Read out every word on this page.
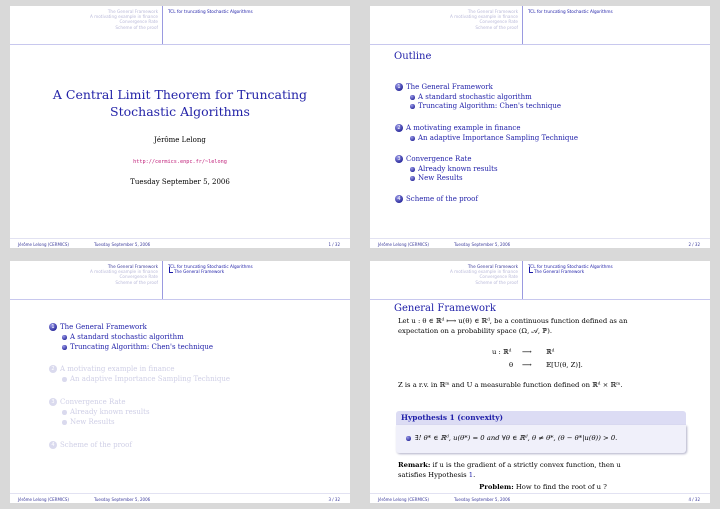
The General Framework
A motivating example in finance
Convergence Rate
Scheme of the proof
TCL for truncating Stochastic Algorithms
A Central Limit Theorem for Truncating
Stochastic Algorithms
Jérôme Lelong
http://cermics.enpc.fr/~lelong
Tuesday September 5, 2006
Jérôme Lelong (CERMICS)	Tuesday September 5, 2006	1 / 32
The General Framework
A motivating example in finance
Convergence Rate
Scheme of the proof
TCL for truncating Stochastic Algorithms
Outline
1 The General Framework
A standard stochastic algorithm
Truncating Algorithm: Chen's technique
2 A motivating example in finance
An adaptive Importance Sampling Technique
3 Convergence Rate
Already known results
New Results
4 Scheme of the proof
Jérôme Lelong (CERMICS)	Tuesday September 5, 2006	2 / 32
The General Framework
A motivating example in finance
Convergence Rate
Scheme of the proof
TCL for truncating Stochastic Algorithms
The General Framework
1 The General Framework
A standard stochastic algorithm
Truncating Algorithm: Chen's technique
2 A motivating example in finance
An adaptive Importance Sampling Technique
3 Convergence Rate
Already known results
New Results
4 Scheme of the proof
Jérôme Lelong (CERMICS)	Tuesday September 5, 2006	3 / 32
The General Framework
A motivating example in finance
Convergence Rate
Scheme of the proof
TCL for truncating Stochastic Algorithms
The General Framework
General Framework
Let u : θ ∈ ℝᵈ ⟼ u(θ) ∈ ℝᵈ, be a continuous function defined as an
expectation on a probability space (Ω, 𝒜, ℙ).
u : ℝᵈ ⟶ ℝᵈ
θ ⟶ 𝔼[U(θ, Z)].
Z is a r.v. in ℝᵐ and U a measurable function defined on ℝᵈ × ℝᵐ.
Hypothesis 1 (convexity)
∃! θ* ∈ ℝᵈ, u(θ*) = 0 and ∀θ ∈ ℝᵈ, θ ≠ θ*, (θ − θ*|u(θ)) > 0.
Remark: if u is the gradient of a strictly convex function, then u
satisfies Hypothesis 1.
Problem: How to find the root of u ?
Jérôme Lelong (CERMICS)	Tuesday September 5, 2006	4 / 32
